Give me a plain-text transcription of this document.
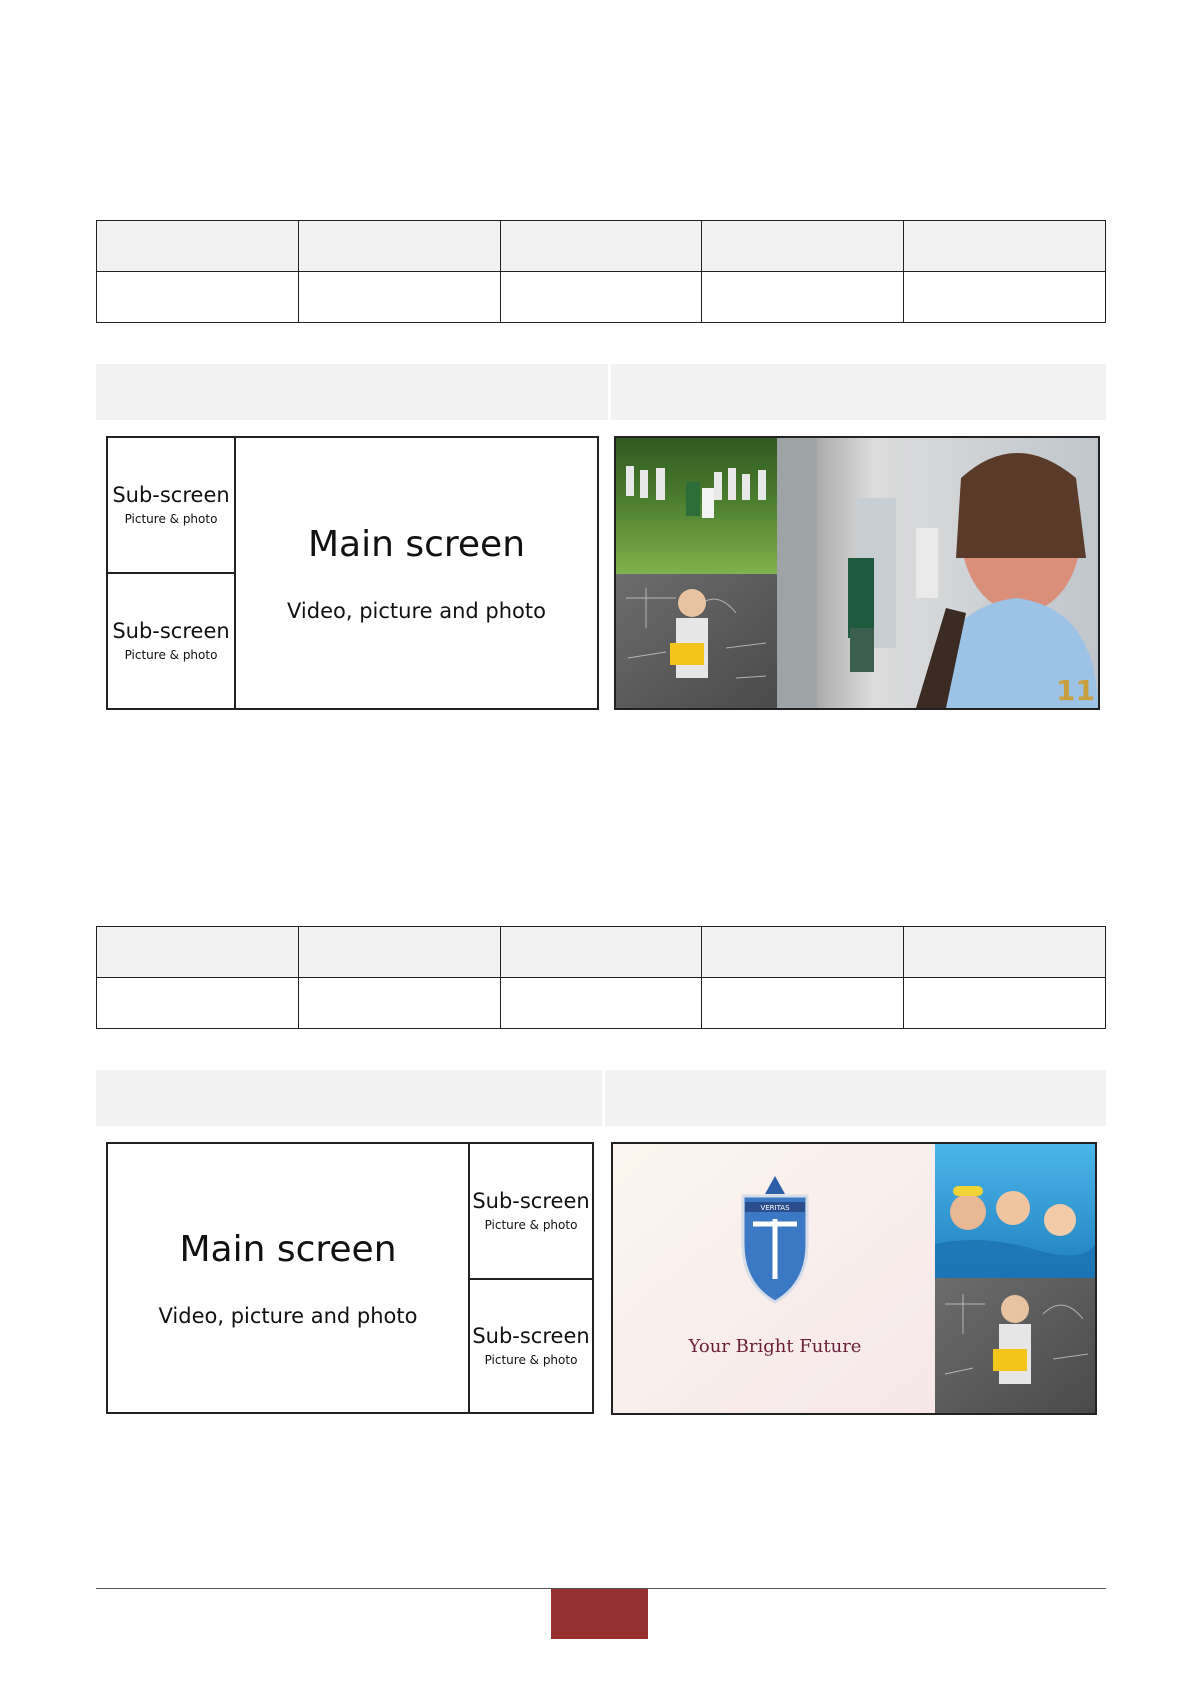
Sub-screen
Picture & photo
Sub-screen
Picture & photo
Main screen
Video, picture and photo
11

Main screen
Video, picture and photo
Sub-screen
Picture & photo
Sub-screen
Picture & photo
VERITAS
Your Bright Future
